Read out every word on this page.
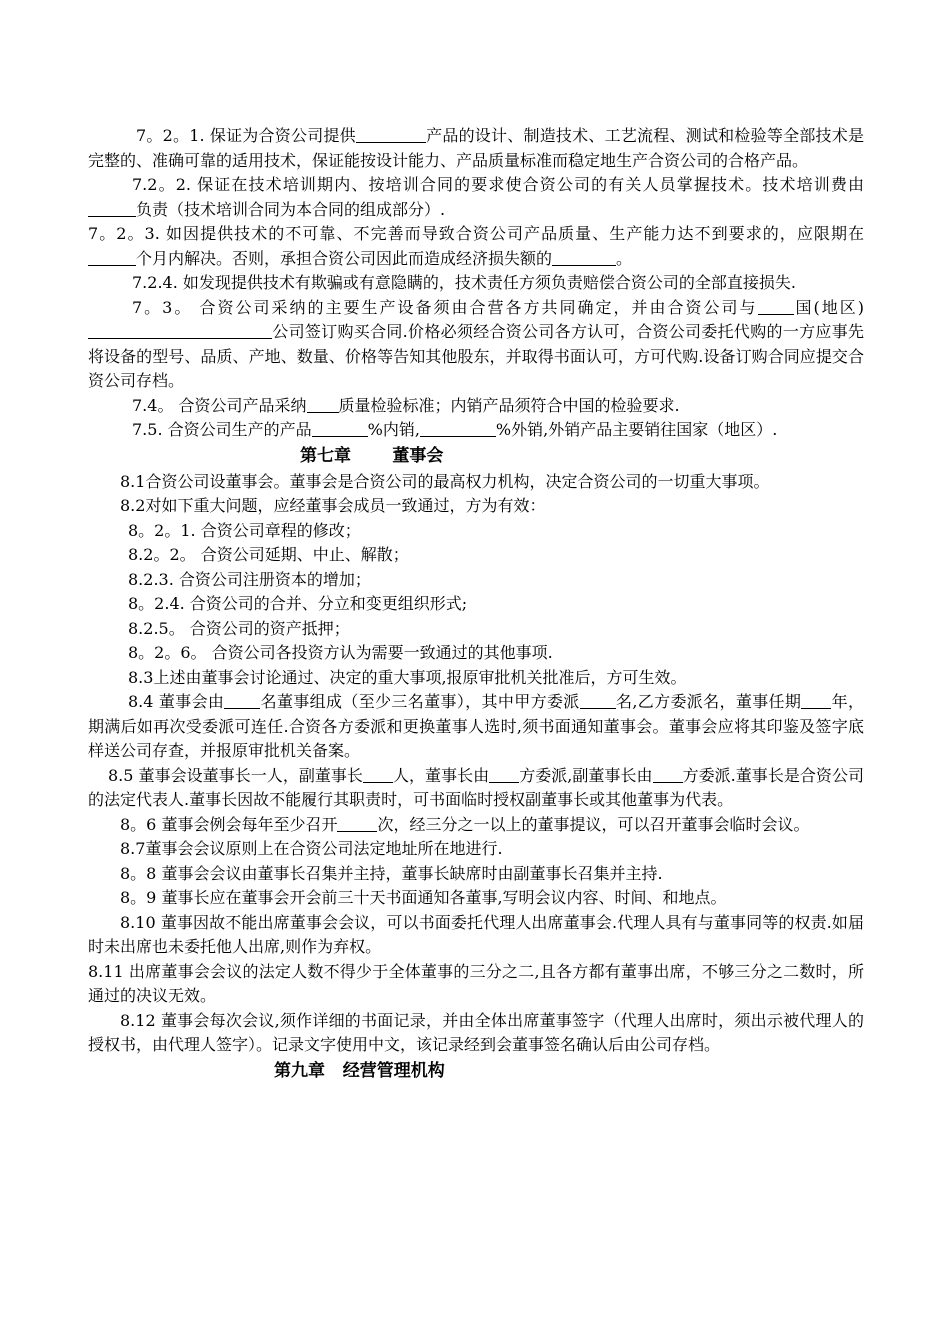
7。2。1. 保证为合资公司提供	产品的设计、制造技术、工艺流程、测试和检验等全部技术是完整的、准确可靠的适用技术，保证能按设计能力、产品质量标准而稳定地生产合资公司的合格产品。

7.2。2. 保证在技术培训期内、按培训合同的要求使合资公司的有关人员掌握技术。技术培训费由负责（技术培训合同为本合同的组成部分）.

7。2。3. 如因提供技术的不可靠、不完善而导致合资公司产品质量、生产能力达不到要求的，应限期在个月内解决。否则，承担合资公司因此而造成经济损失额的	。

7.2.4. 如发现提供技术有欺骗或有意隐瞒的，技术责任方须负责赔偿合资公司的全部直接损失.

7。3。 合资公司采纳的主要生产设备须由合营各方共同确定，并由合资公司与 国(地区)公司签订购买合同.价格必须经合资公司各方认可，合资公司委托代购的一方应事先将设备的型号、品质、产地、数量、价格等告知其他股东，并取得书面认可，方可代购.设备订购合同应提交合资公司存档。

7.4。 合资公司产品采纳 质量检验标准；内销产品须符合中国的检验要求.

7.5. 合资公司生产的产品	%内销,	%外销,外销产品主要销往国家（地区）.

第七章       董事会

8.1合资公司设董事会。董事会是合资公司的最高权力机构，决定合资公司的一切重大事项。

8.2对如下重大问题，应经董事会成员一致通过，方为有效：

8。2。1. 合资公司章程的修改；

8.2。2。 合资公司延期、中止、解散；

8.2.3. 合资公司注册资本的增加；

8。2.4. 合资公司的合并、分立和变更组织形式;

8.2.5。 合资公司的资产抵押；

8。2。6。 合资公司各投资方认为需要一致通过的其他事项.

8.3上述由董事会讨论通过、决定的重大事项,报原审批机关批准后，方可生效。

8.4 董事会由 名董事组成（至少三名董事），其中甲方委派 名,乙方委派名，董事任期 年，期满后如再次受委派可连任.合资各方委派和更换董事人选时,须书面通知董事会。董事会应将其印鉴及签字底样送公司存查，并报原审批机关备案。

8.5 董事会设董事长一人，副董事长 人，董事长由 方委派,副董事长由 方委派.董事长是合资公司的法定代表人.董事长因故不能履行其职责时，可书面临时授权副董事长或其他董事为代表。

8。6 董事会例会每年至少召开	次，经三分之一以上的董事提议，可以召开董事会临时会议。

8.7董事会会议原则上在合资公司法定地址所在地进行.

8。8 董事会会议由董事长召集并主持，董事长缺席时由副董事长召集并主持.

8。9 董事长应在董事会开会前三十天书面通知各董事,写明会议内容、时间、和地点。

8.10 董事因故不能出席董事会会议，可以书面委托代理人出席董事会.代理人具有与董事同等的权责.如届时未出席也未委托他人出席,则作为弃权。

8.11 出席董事会会议的法定人数不得少于全体董事的三分之二,且各方都有董事出席，不够三分之二数时，所通过的决议无效。

8.12 董事会每次会议,须作详细的书面记录，并由全体出席董事签字（代理人出席时，须出示被代理人的授权书，由代理人签字）。记录文字使用中文，该记录经到会董事签名确认后由公司存档。

第九章   经营管理机构
